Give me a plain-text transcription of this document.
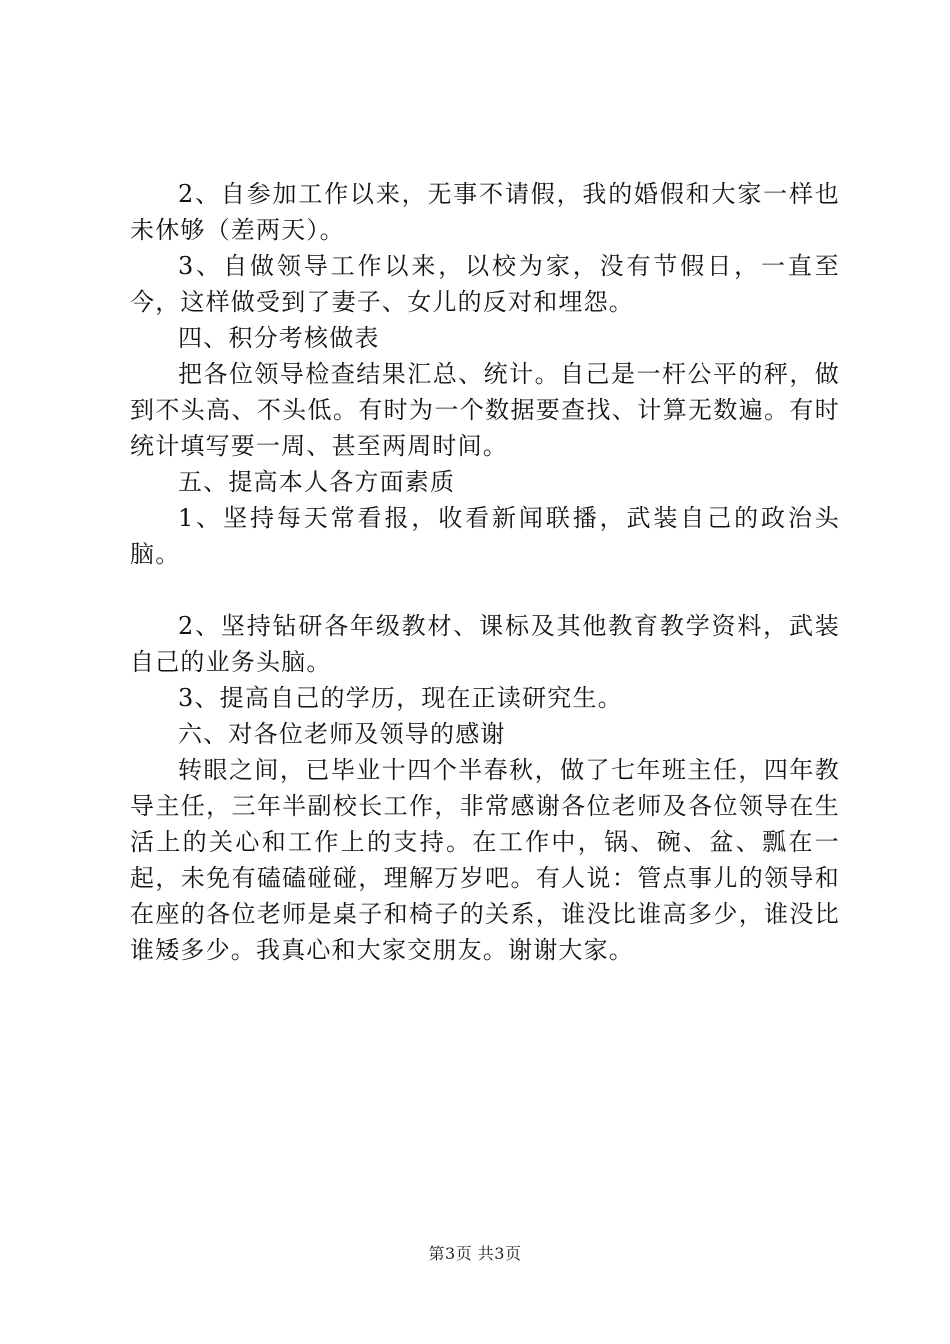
2、自参加工作以来，无事不请假，我的婚假和大家一样也未休够（差两天）。

3、自做领导工作以来，以校为家，没有节假日，一直至今，这样做受到了妻子、女儿的反对和埋怨。

四、积分考核做表

把各位领导检查结果汇总、统计。自己是一杆公平的秤，做到不头高、不头低。有时为一个数据要查找、计算无数遍。有时统计填写要一周、甚至两周时间。

五、提高本人各方面素质

1、坚持每天常看报，收看新闻联播，武装自己的政治头脑。

2、坚持钻研各年级教材、课标及其他教育教学资料，武装自己的业务头脑。

3、提高自己的学历，现在正读研究生。

六、对各位老师及领导的感谢

转眼之间，已毕业十四个半春秋，做了七年班主任，四年教导主任，三年半副校长工作，非常感谢各位老师及各位领导在生活上的关心和工作上的支持。在工作中，锅、碗、盆、瓢在一起，未免有磕磕碰碰，理解万岁吧。有人说：管点事儿的领导和在座的各位老师是桌子和椅子的关系，谁没比谁高多少，谁没比谁矮多少。我真心和大家交朋友。谢谢大家。

第3页 共3页
